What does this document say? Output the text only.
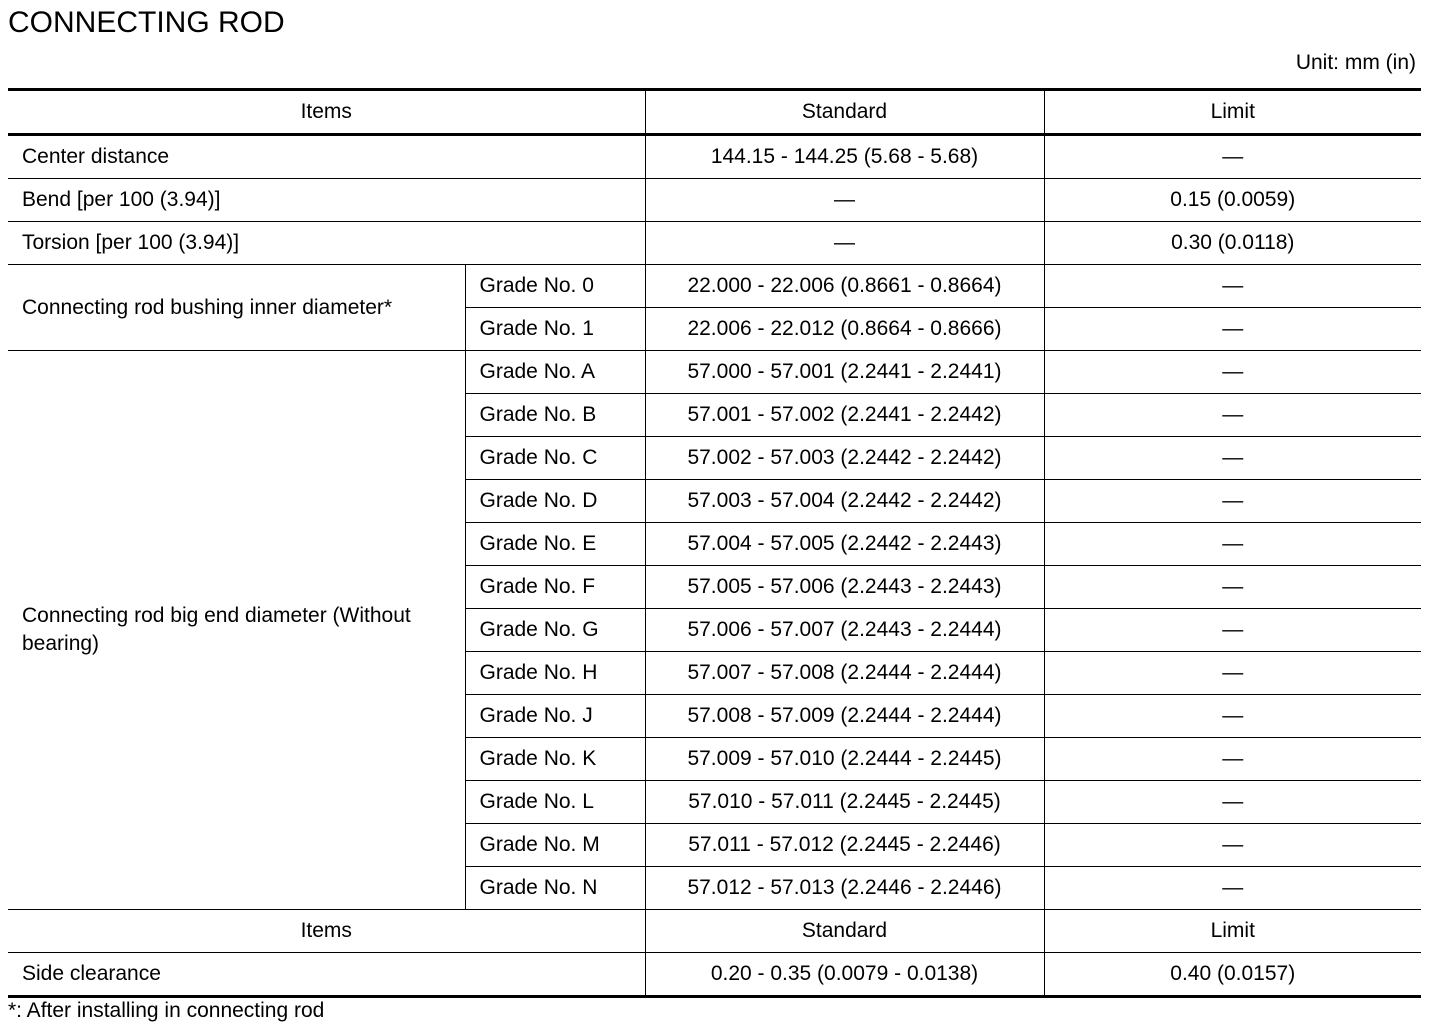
CONNECTING ROD
Unit: mm (in)
Items		Standard	Limit
Center distance		144.15 - 144.25 (5.68 - 5.68)	—
Bend [per 100 (3.94)]		—	0.15 (0.0059)
Torsion [per 100 (3.94)]		—	0.30 (0.0118)
Connecting rod bushing inner diameter*	Grade No. 0	22.000 - 22.006 (0.8661 - 0.8664)	—
	Grade No. 1	22.006 - 22.012 (0.8664 - 0.8666)	—
Connecting rod big end diameter (Without bearing)	Grade No. A	57.000 - 57.001 (2.2441 - 2.2441)	—
	Grade No. B	57.001 - 57.002 (2.2441 - 2.2442)	—
	Grade No. C	57.002 - 57.003 (2.2442 - 2.2442)	—
	Grade No. D	57.003 - 57.004 (2.2442 - 2.2442)	—
	Grade No. E	57.004 - 57.005 (2.2442 - 2.2443)	—
	Grade No. F	57.005 - 57.006 (2.2443 - 2.2443)	—
	Grade No. G	57.006 - 57.007 (2.2443 - 2.2444)	—
	Grade No. H	57.007 - 57.008 (2.2444 - 2.2444)	—
	Grade No. J	57.008 - 57.009 (2.2444 - 2.2444)	—
	Grade No. K	57.009 - 57.010 (2.2444 - 2.2445)	—
	Grade No. L	57.010 - 57.011 (2.2445 - 2.2445)	—
	Grade No. M	57.011 - 57.012 (2.2445 - 2.2446)	—
	Grade No. N	57.012 - 57.013 (2.2446 - 2.2446)	—
Items		Standard	Limit
Side clearance		0.20 - 0.35 (0.0079 - 0.0138)	0.40 (0.0157)
*: After installing in connecting rod
